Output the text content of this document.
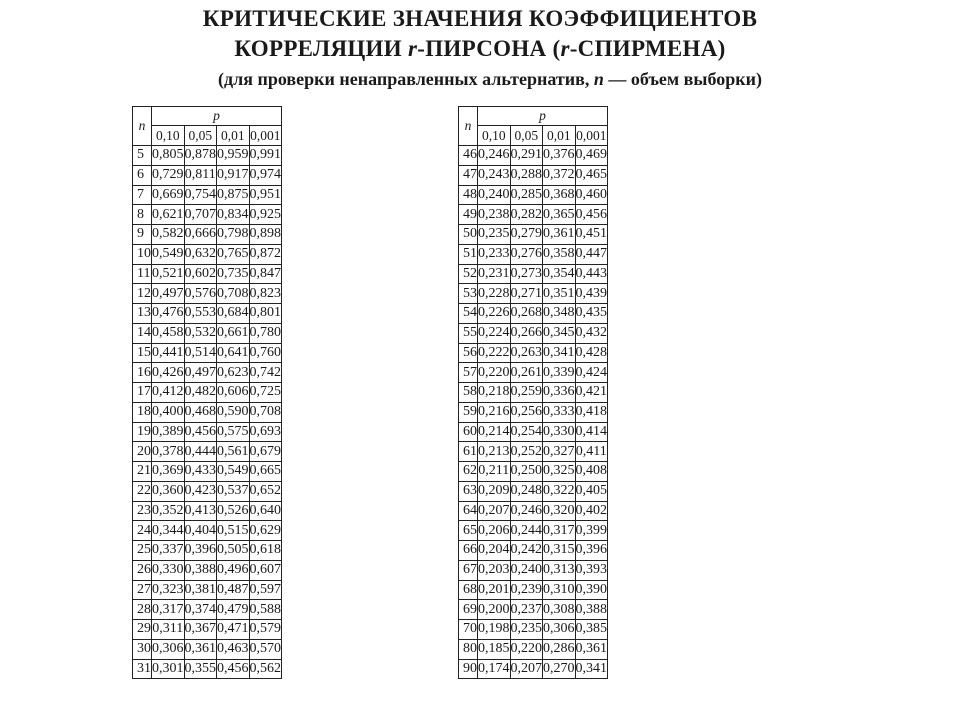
КРИТИЧЕСКИЕ ЗНАЧЕНИЯ КОЭФФИЦИЕНТОВ
КОРРЕЛЯЦИИ r-ПИРСОНА (r-СПИРМЕНА)
(для проверки ненаправленных альтернатив, n — объем выборки)
n	p			
	0,10	0,05	0,01	0,001
5	0,805	0,878	0,959	0,991
6	0,729	0,811	0,917	0,974
7	0,669	0,754	0,875	0,951
8	0,621	0,707	0,834	0,925
9	0,582	0,666	0,798	0,898
10	0,549	0,632	0,765	0,872
11	0,521	0,602	0,735	0,847
12	0,497	0,576	0,708	0,823
13	0,476	0,553	0,684	0,801
14	0,458	0,532	0,661	0,780
15	0,441	0,514	0,641	0,760
16	0,426	0,497	0,623	0,742
17	0,412	0,482	0,606	0,725
18	0,400	0,468	0,590	0,708
19	0,389	0,456	0,575	0,693
20	0,378	0,444	0,561	0,679
21	0,369	0,433	0,549	0,665
22	0,360	0,423	0,537	0,652
23	0,352	0,413	0,526	0,640
24	0,344	0,404	0,515	0,629
25	0,337	0,396	0,505	0,618
26	0,330	0,388	0,496	0,607
27	0,323	0,381	0,487	0,597
28	0,317	0,374	0,479	0,588
29	0,311	0,367	0,471	0,579
30	0,306	0,361	0,463	0,570
31	0,301	0,355	0,456	0,562
n	p			
	0,10	0,05	0,01	0,001
46	0,246	0,291	0,376	0,469
47	0,243	0,288	0,372	0,465
48	0,240	0,285	0,368	0,460
49	0,238	0,282	0,365	0,456
50	0,235	0,279	0,361	0,451
51	0,233	0,276	0,358	0,447
52	0,231	0,273	0,354	0,443
53	0,228	0,271	0,351	0,439
54	0,226	0,268	0,348	0,435
55	0,224	0,266	0,345	0,432
56	0,222	0,263	0,341	0,428
57	0,220	0,261	0,339	0,424
58	0,218	0,259	0,336	0,421
59	0,216	0,256	0,333	0,418
60	0,214	0,254	0,330	0,414
61	0,213	0,252	0,327	0,411
62	0,211	0,250	0,325	0,408
63	0,209	0,248	0,322	0,405
64	0,207	0,246	0,320	0,402
65	0,206	0,244	0,317	0,399
66	0,204	0,242	0,315	0,396
67	0,203	0,240	0,313	0,393
68	0,201	0,239	0,310	0,390
69	0,200	0,237	0,308	0,388
70	0,198	0,235	0,306	0,385
80	0,185	0,220	0,286	0,361
90	0,174	0,207	0,270	0,341
